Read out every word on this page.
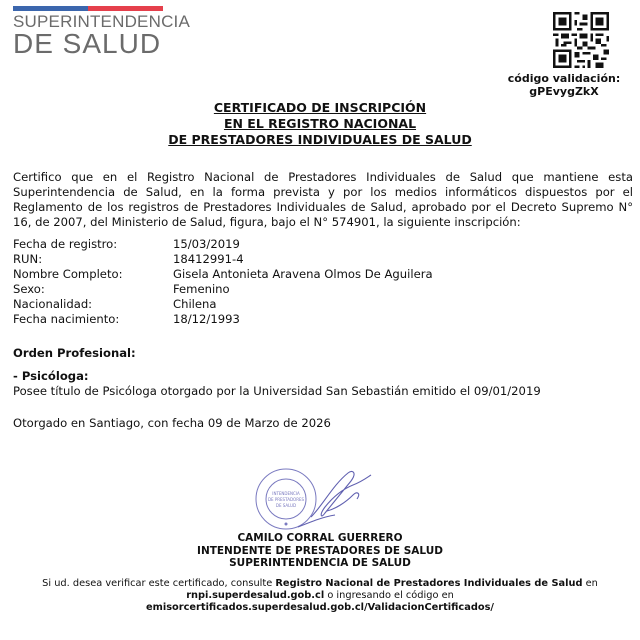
SUPERINTENDENCIA
DE SALUD
código validación:
gPEvygZkX
CERTIFICADO DE INSCRIPCIÓN
EN EL REGISTRO NACIONAL
DE PRESTADORES INDIVIDUALES DE SALUD
Certifico que en el Registro Nacional de Prestadores Individuales de Salud que mantiene esta Superintendencia de Salud, en la forma prevista y por los medios informáticos dispuestos por el Reglamento de los registros de Prestadores Individuales de Salud, aprobado por el Decreto Supremo N° 16, de 2007, del Ministerio de Salud, figura, bajo el N° 574901, la siguiente inscripción:
Fecha de registro:	15/03/2019
RUN:	18412991-4
Nombre Completo:	Gisela Antonieta Aravena Olmos De Aguilera
Sexo:	Femenino
Nacionalidad:	Chilena
Fecha nacimiento:	18/12/1993
Orden Profesional:
- Psicóloga:
Posee título de Psicóloga otorgado por la Universidad San Sebastián emitido el 09/01/2019
Otorgado en Santiago, con fecha 09 de Marzo de 2026
INTENDENCIA
DE PRESTADORES
DE SALUD
CAMILO CORRAL GUERRERO
INTENDENTE DE PRESTADORES DE SALUD
SUPERINTENDENCIA DE SALUD
Si ud. desea verificar este certificado, consulte Registro Nacional de Prestadores Individuales de Salud en rnpi.superdesalud.gob.cl o ingresando el código en
emisorcertificados.superdesalud.gob.cl/ValidacionCertificados/
